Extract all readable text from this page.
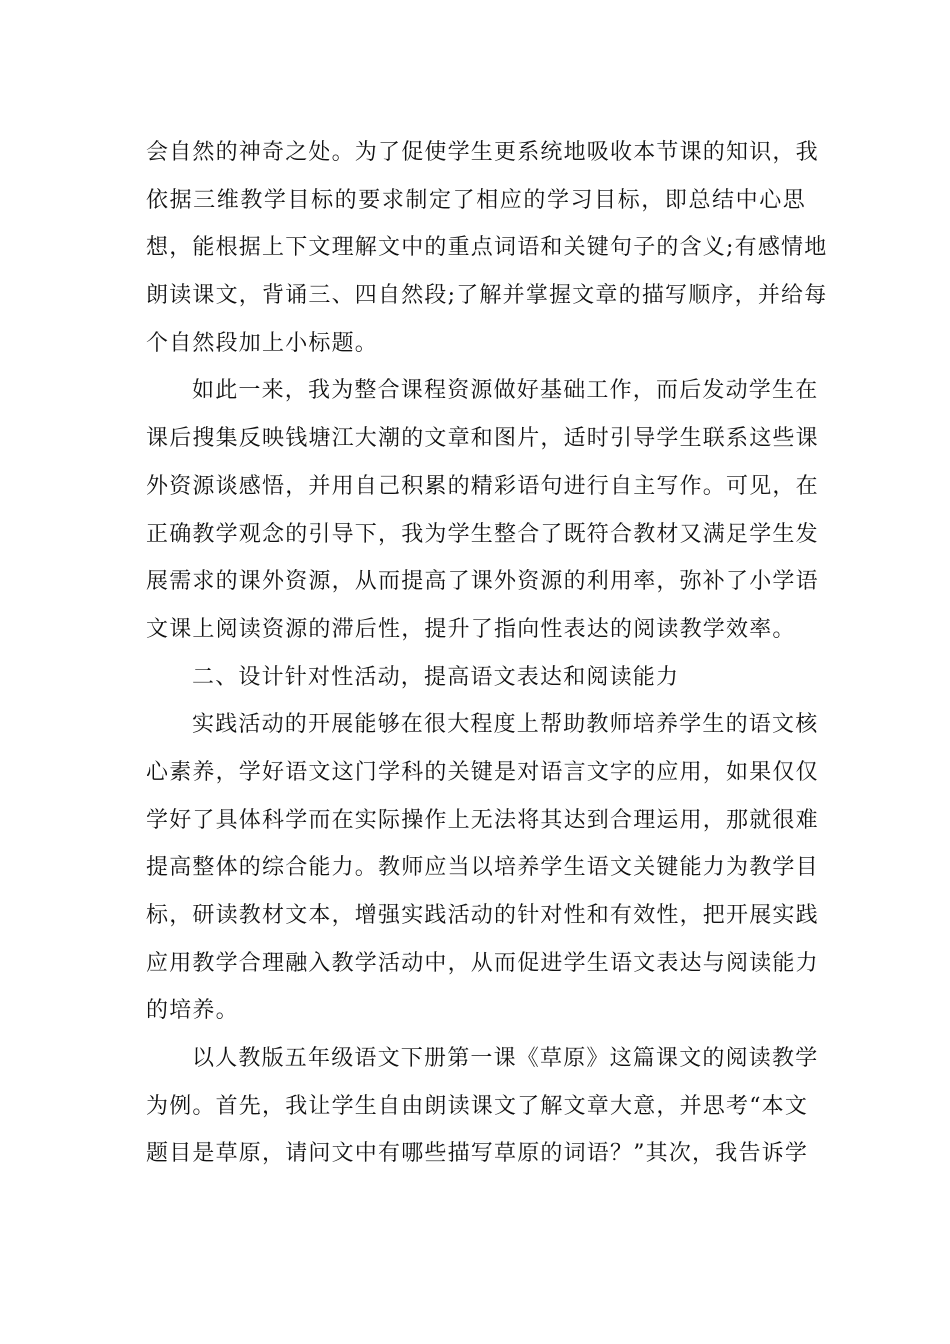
会自然的神奇之处。为了促使学生更系统地吸收本节课的知识，我
依据三维教学目标的要求制定了相应的学习目标，即总结中心思
想，能根据上下文理解文中的重点词语和关键句子的含义;有感情地
朗读课文，背诵三、四自然段;了解并掌握文章的描写顺序，并给每
个自然段加上小标题。
如此一来，我为整合课程资源做好基础工作，而后发动学生在
课后搜集反映钱塘江大潮的文章和图片，适时引导学生联系这些课
外资源谈感悟，并用自己积累的精彩语句进行自主写作。可见，在
正确教学观念的引导下，我为学生整合了既符合教材又满足学生发
展需求的课外资源，从而提高了课外资源的利用率，弥补了小学语
文课上阅读资源的滞后性，提升了指向性表达的阅读教学效率。
二、设计针对性活动，提高语文表达和阅读能力
实践活动的开展能够在很大程度上帮助教师培养学生的语文核
心素养，学好语文这门学科的关键是对语言文字的应用，如果仅仅
学好了具体科学而在实际操作上无法将其达到合理运用，那就很难
提高整体的综合能力。教师应当以培养学生语文关键能力为教学目
标，研读教材文本，增强实践活动的针对性和有效性，把开展实践
应用教学合理融入教学活动中，从而促进学生语文表达与阅读能力
的培养。
以人教版五年级语文下册第一课《草原》这篇课文的阅读教学
为例。首先，我让学生自由朗读课文了解文章大意，并思考“本文
题目是草原，请问文中有哪些描写草原的词语？”其次，我告诉学
